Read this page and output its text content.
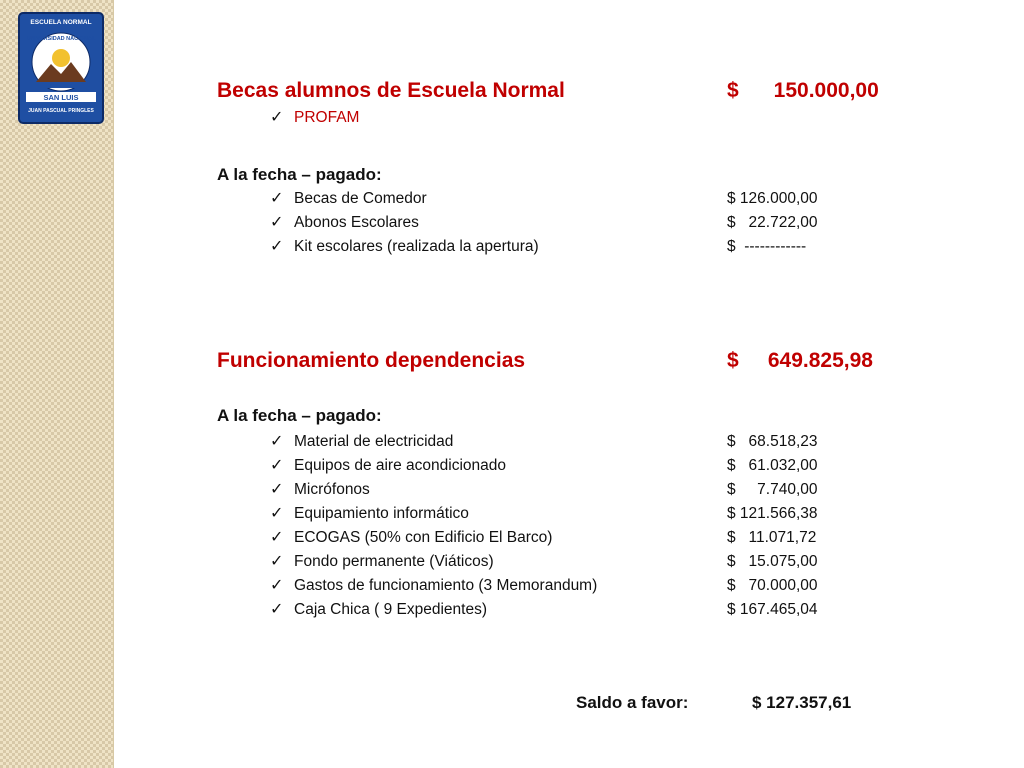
ESCUELA NORMAL
UNIVERSIDAD NACIONAL
SAN LUIS
JUAN PASCUAL PRINGLES
Becas alumnos de Escuela Normal	$      150.000,00
✓ PROFAM
A la fecha – pagado:
✓ Becas de Comedor	$ 126.000,00
✓ Abonos Escolares	$   22.722,00
✓ Kit escolares (realizada la apertura)	$  ------------
Funcionamiento dependencias	$     649.825,98
A la fecha – pagado:
✓ Material de electricidad	$   68.518,23
✓ Equipos de aire acondicionado	$   61.032,00
✓ Micrófonos	$     7.740,00
✓ Equipamiento informático	$ 121.566,38
✓ ECOGAS (50% con Edificio El Barco)	$   11.071,72
✓ Fondo permanente (Viáticos)	$   15.075,00
✓ Gastos de funcionamiento (3 Memorandum)	$   70.000,00
✓ Caja Chica ( 9 Expedientes)	$ 167.465,04
Saldo a favor:	$ 127.357,61
